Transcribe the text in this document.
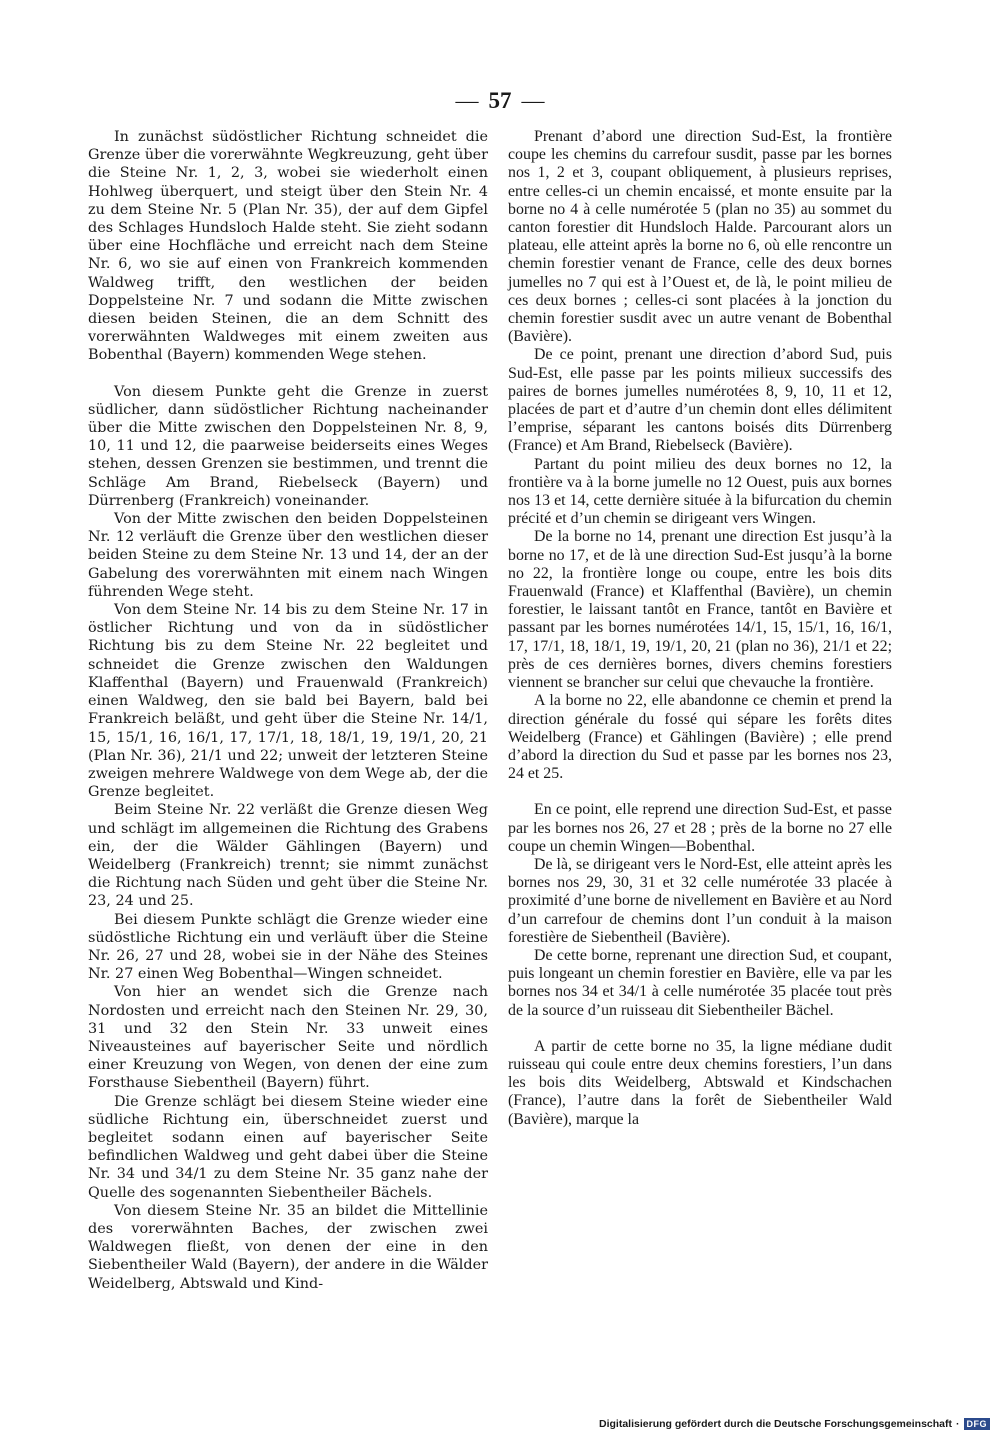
— 57 —

In zunächst südöstlicher Richtung schneidet die Grenze über die vorerwähnte Wegkreuzung, geht über die Steine Nr. 1, 2, 3, wobei sie wiederholt einen Hohlweg überquert, und steigt über den Stein Nr. 4 zu dem Steine Nr. 5 (Plan Nr. 35), der auf dem Gipfel des Schlages Hundsloch Halde steht. Sie zieht sodann über eine Hochfläche und erreicht nach dem Steine Nr. 6, wo sie auf einen von Frankreich kommenden Waldweg trifft, den westlichen der beiden Doppelsteine Nr. 7 und sodann die Mitte zwischen diesen beiden Steinen, die an dem Schnitt des vorerwähnten Waldweges mit einem zweiten aus Bobenthal (Bayern) kommenden Wege stehen.

Von diesem Punkte geht die Grenze in zuerst südlicher, dann südöstlicher Richtung nacheinander über die Mitte zwischen den Doppelsteinen Nr. 8, 9, 10, 11 und 12, die paarweise beiderseits eines Weges stehen, dessen Grenzen sie bestimmen, und trennt die Schläge Am Brand, Riebelseck (Bayern) und Dürrenberg (Frankreich) voneinander.

Von der Mitte zwischen den beiden Doppelsteinen Nr. 12 verläuft die Grenze über den westlichen dieser beiden Steine zu dem Steine Nr. 13 und 14, der an der Gabelung des vorerwähnten mit einem nach Wingen führenden Wege steht.

Von dem Steine Nr. 14 bis zu dem Steine Nr. 17 in östlicher Richtung und von da in südöstlicher Richtung bis zu dem Steine Nr. 22 begleitet und schneidet die Grenze zwischen den Waldungen Klaffenthal (Bayern) und Frauenwald (Frankreich) einen Waldweg, den sie bald bei Bayern, bald bei Frankreich beläßt, und geht über die Steine Nr. 14/1, 15, 15/1, 16, 16/1, 17, 17/1, 18, 18/1, 19, 19/1, 20, 21 (Plan Nr. 36), 21/1 und 22; unweit der letzteren Steine zweigen mehrere Waldwege von dem Wege ab, der die Grenze begleitet.

Beim Steine Nr. 22 verläßt die Grenze diesen Weg und schlägt im allgemeinen die Richtung des Grabens ein, der die Wälder Gählingen (Bayern) und Weidelberg (Frankreich) trennt; sie nimmt zunächst die Richtung nach Süden und geht über die Steine Nr. 23, 24 und 25.

Bei diesem Punkte schlägt die Grenze wieder eine südöstliche Richtung ein und verläuft über die Steine Nr. 26, 27 und 28, wobei sie in der Nähe des Steines Nr. 27 einen Weg Bobenthal—Wingen schneidet.

Von hier an wendet sich die Grenze nach Nordosten und erreicht nach den Steinen Nr. 29, 30, 31 und 32 den Stein Nr. 33 unweit eines Niveausteines auf bayerischer Seite und nördlich einer Kreuzung von Wegen, von denen der eine zum Forsthause Siebentheil (Bayern) führt.

Die Grenze schlägt bei diesem Steine wieder eine südliche Richtung ein, überschneidet zuerst und begleitet sodann einen auf bayerischer Seite befindlichen Waldweg und geht dabei über die Steine Nr. 34 und 34/1 zu dem Steine Nr. 35 ganz nahe der Quelle des sogenannten Siebentheiler Bächels.

Von diesem Steine Nr. 35 an bildet die Mittellinie des vorerwähnten Baches, der zwischen zwei Waldwegen fließt, von denen der eine in den Siebentheiler Wald (Bayern), der andere in die Wälder Weidelberg, Abtswald und Kind-

Prenant d’abord une direction Sud-Est, la frontière coupe les chemins du carrefour susdit, passe par les bornes nos 1, 2 et 3, coupant obliquement, à plusieurs reprises, entre celles-ci un chemin encaissé, et monte ensuite par la borne no 4 à celle numérotée 5 (plan no 35) au sommet du canton forestier dit Hundsloch Halde. Parcourant alors un plateau, elle atteint après la borne no 6, où elle rencontre un chemin forestier venant de France, celle des deux bornes jumelles no 7 qui est à l’Ouest et, de là, le point milieu de ces deux bornes ; celles-ci sont placées à la jonction du chemin forestier susdit avec un autre venant de Bobenthal (Bavière).

De ce point, prenant une direction d’abord Sud, puis Sud-Est, elle passe par les points milieux successifs des paires de bornes jumelles numérotées 8, 9, 10, 11 et 12, placées de part et d’autre d’un chemin dont elles délimitent l’emprise, séparant les cantons boisés dits Dürrenberg (France) et Am Brand, Riebelseck (Bavière).

Partant du point milieu des deux bornes no 12, la frontière va à la borne jumelle no 12 Ouest, puis aux bornes nos 13 et 14, cette dernière située à la bifurcation du chemin précité et d’un chemin se dirigeant vers Wingen.

De la borne no 14, prenant une direction Est jusqu’à la borne no 17, et de là une direction Sud-Est jusqu’à la borne no 22, la frontière longe ou coupe, entre les bois dits Frauenwald (France) et Klaffenthal (Bavière), un chemin forestier, le laissant tantôt en France, tantôt en Bavière et passant par les bornes numérotées 14/1, 15, 15/1, 16, 16/1, 17, 17/1, 18, 18/1, 19, 19/1, 20, 21 (plan no 36), 21/1 et 22; près de ces dernières bornes, divers chemins forestiers viennent se brancher sur celui que chevauche la frontière.

A la borne no 22, elle abandonne ce chemin et prend la direction générale du fossé qui sépare les forêts dites Weidelberg (France) et Gählingen (Bavière) ; elle prend d’abord la direction du Sud et passe par les bornes nos 23, 24 et 25.

En ce point, elle reprend une direction Sud-Est, et passe par les bornes nos 26, 27 et 28 ; près de la borne no 27 elle coupe un chemin Wingen—Bobenthal.

De là, se dirigeant vers le Nord-Est, elle atteint après les bornes nos 29, 30, 31 et 32 celle numérotée 33 placée à proximité d’une borne de nivellement en Bavière et au Nord d’un carrefour de chemins dont l’un conduit à la maison forestière de Siebentheil (Bavière).

De cette borne, reprenant une direction Sud, et coupant, puis longeant un chemin forestier en Bavière, elle va par les bornes nos 34 et 34/1 à celle numérotée 35 placée tout près de la source d’un ruisseau dit Siebentheiler Bächel.

A partir de cette borne no 35, la ligne médiane dudit ruisseau qui coule entre deux chemins forestiers, l’un dans les bois dits Weidelberg, Abtswald et Kindschachen (France), l’autre dans la forêt de Siebentheiler Wald (Bavière), marque la

Digitalisierung gefördert durch die Deutsche Forschungsgemeinschaft · DFG
